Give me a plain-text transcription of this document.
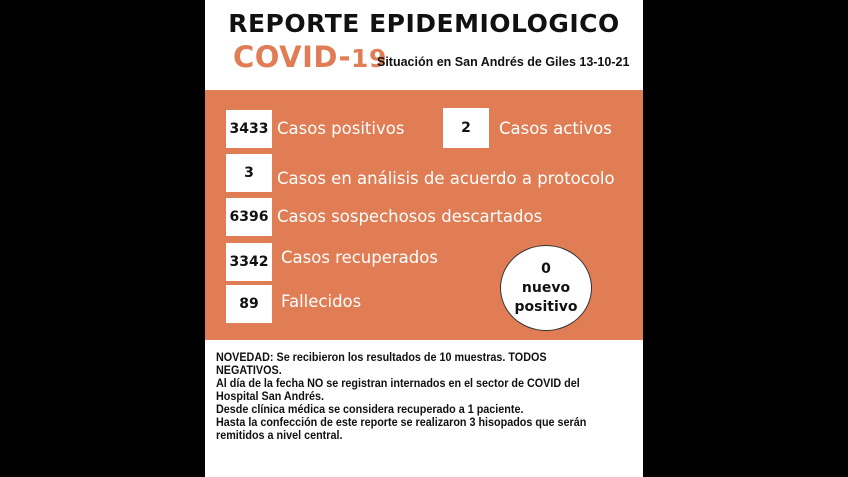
REPORTE EPIDEMIOLOGICO
COVID-19
Situación en San Andrés de Giles 13-10-21
3433 Casos positivos	2	Casos activos
3	Casos en análisis de acuerdo a protocolo
6396 Casos sospechosos descartados
3342 Casos recuperados
89	Fallecidos
0
nuevo
positivo

NOVEDAD: Se recibieron los resultados de 10 muestras. TODOS NEGATIVOS.

Al día de la fecha NO se registran internados en el sector de COVID del Hospital San Andrés.

Desde clínica médica se considera recuperado a 1 paciente.

Hasta la confección de este reporte se realizaron 3 hisopados que serán remitidos a nivel central.
